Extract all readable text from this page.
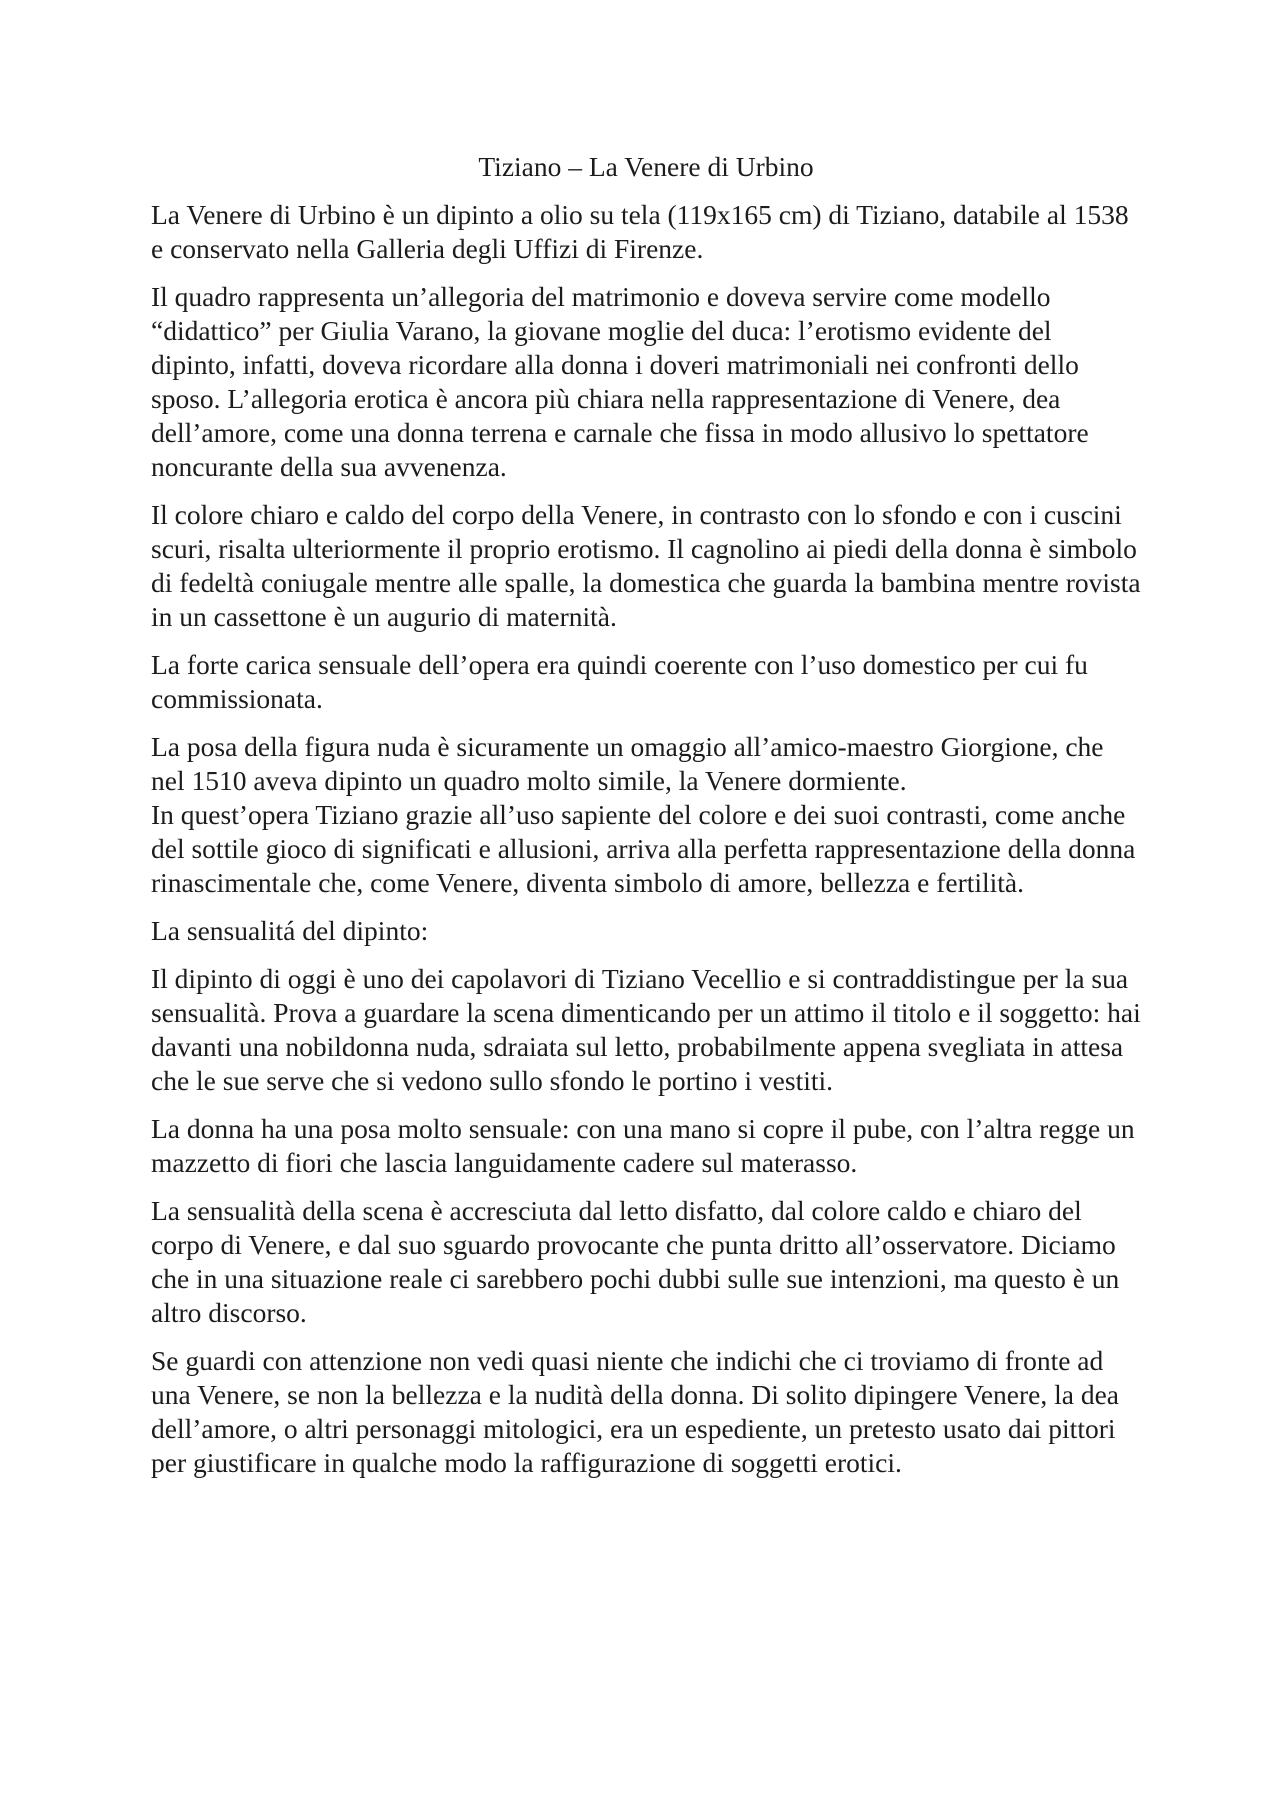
Tiziano – La Venere di Urbino

La Venere di Urbino è un dipinto a olio su tela (119x165 cm) di Tiziano, databile al 1538 e conservato nella Galleria degli Uffizi di Firenze.

Il quadro rappresenta un’allegoria del matrimonio e doveva servire come modello “didattico” per Giulia Varano, la giovane moglie del duca: l’erotismo evidente del dipinto, infatti, doveva ricordare alla donna i doveri matrimoniali nei confronti dello sposo. L’allegoria erotica è ancora più chiara nella rappresentazione di Venere, dea dell’amore, come una donna terrena e carnale che fissa in modo allusivo lo spettatore noncurante della sua avvenenza.

Il colore chiaro e caldo del corpo della Venere, in contrasto con lo sfondo e con i cuscini scuri, risalta ulteriormente il proprio erotismo. Il cagnolino ai piedi della donna è simbolo di fedeltà coniugale mentre alle spalle, la domestica che guarda la bambina mentre rovista in un cassettone è un augurio di maternità.

La forte carica sensuale dell’opera era quindi coerente con l’uso domestico per cui fu commissionata.

La posa della figura nuda è sicuramente un omaggio all’amico-maestro Giorgione, che nel 1510 aveva dipinto un quadro molto simile, la Venere dormiente.

In quest’opera Tiziano grazie all’uso sapiente del colore e dei suoi contrasti, come anche del sottile gioco di significati e allusioni, arriva alla perfetta rappresentazione della donna rinascimentale che, come Venere, diventa simbolo di amore, bellezza e fertilità.

La sensualitá del dipinto:

Il dipinto di oggi è uno dei capolavori di Tiziano Vecellio e si contraddistingue per la sua sensualità. Prova a guardare la scena dimenticando per un attimo il titolo e il soggetto: hai davanti una nobildonna nuda, sdraiata sul letto, probabilmente appena svegliata in attesa che le sue serve che si vedono sullo sfondo le portino i vestiti.

La donna ha una posa molto sensuale: con una mano si copre il pube, con l’altra regge un mazzetto di fiori che lascia languidamente cadere sul materasso.

La sensualità della scena è accresciuta dal letto disfatto, dal colore caldo e chiaro del corpo di Venere, e dal suo sguardo provocante che punta dritto all’osservatore. Diciamo che in una situazione reale ci sarebbero pochi dubbi sulle sue intenzioni, ma questo è un altro discorso.

Se guardi con attenzione non vedi quasi niente che indichi che ci troviamo di fronte ad una Venere, se non la bellezza e la nudità della donna. Di solito dipingere Venere, la dea dell’amore, o altri personaggi mitologici, era un espediente, un pretesto usato dai pittori per giustificare in qualche modo la raffigurazione di soggetti erotici.
